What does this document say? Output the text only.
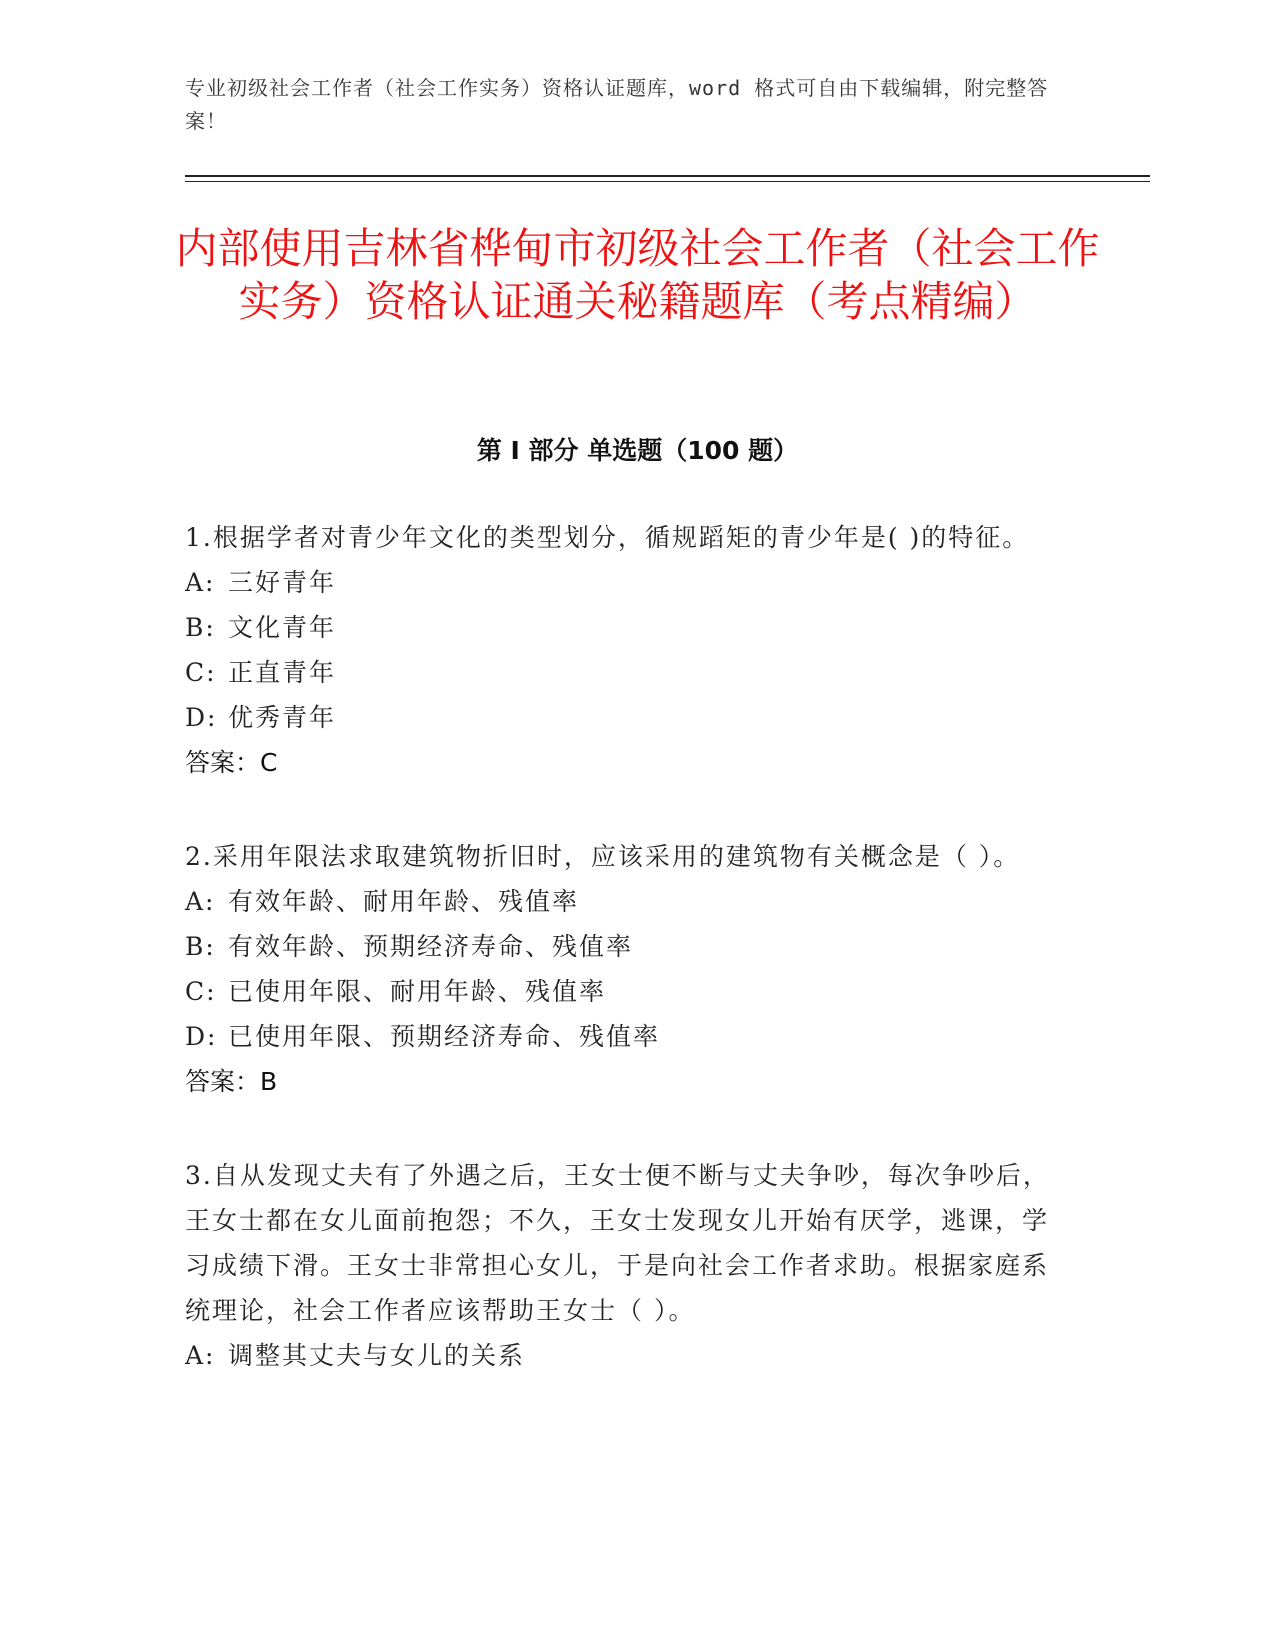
专业初级社会工作者（社会工作实务）资格认证题库，word 格式可自由下载编辑，附完整答案！
内部使用吉林省桦甸市初级社会工作者（社会工作实务）资格认证通关秘籍题库（考点精编）
第 I 部分 单选题（100 题）

1.根据学者对青少年文化的类型划分，循规蹈矩的青少年是( )的特征。

A: 三好青年
B: 文化青年
C: 正直青年
D: 优秀青年
答案：C

2.采用年限法求取建筑物折旧时，应该采用的建筑物有关概念是（ ）。

A: 有效年龄、耐用年龄、残值率
B: 有效年龄、预期经济寿命、残值率
C: 已使用年限、耐用年龄、残值率
D: 已使用年限、预期经济寿命、残值率
答案：B

3.自从发现丈夫有了外遇之后，王女士便不断与丈夫争吵，每次争吵后，王女士都在女儿面前抱怨；不久，王女士发现女儿开始有厌学，逃课，学习成绩下滑。王女士非常担心女儿，于是向社会工作者求助。根据家庭系统理论，社会工作者应该帮助王女士（ ）。

A: 调整其丈夫与女儿的关系
